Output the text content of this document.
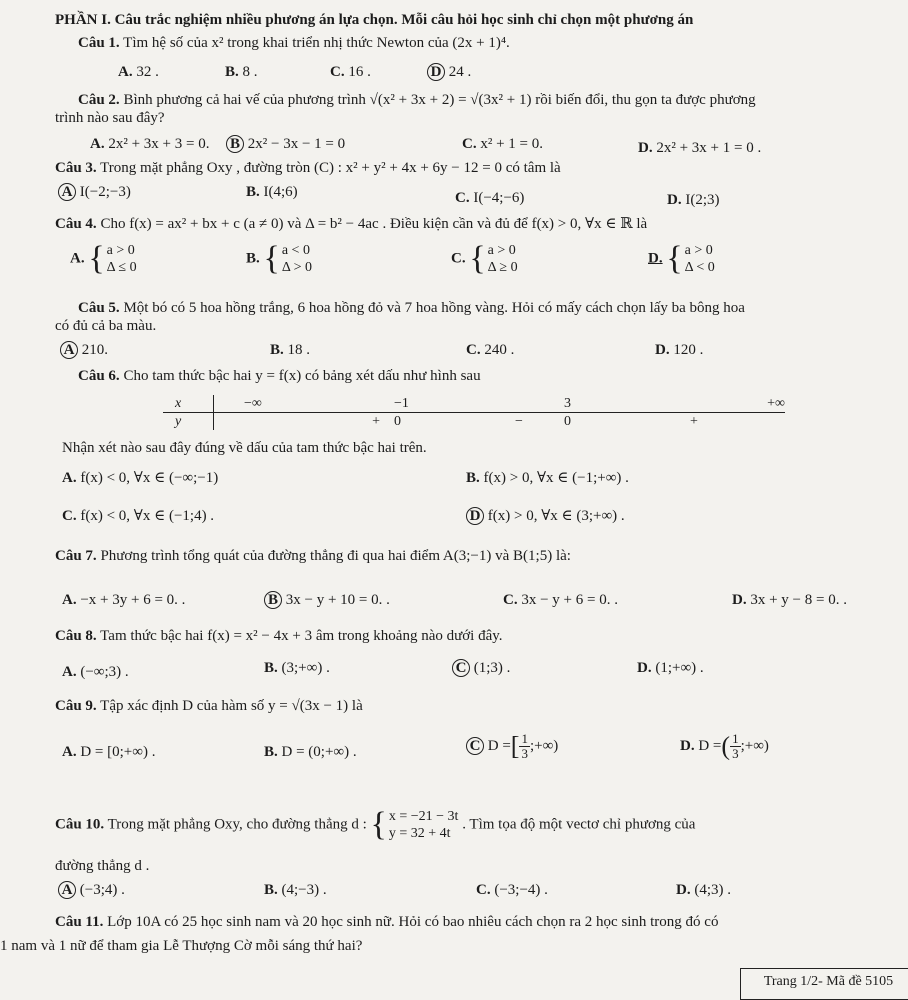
PHẦN I. Câu trắc nghiệm nhiều phương án lựa chọn. Mỗi câu hỏi học sinh chỉ chọn một phương án
Câu 1. Tìm hệ số của x² trong khai triển nhị thức Newton của (2x + 1)⁴.
A. 32 .	B. 8 .	C. 16 .	D 24 .
Câu 2. Bình phương cả hai vế của phương trình √(x² + 3x + 2) = √(3x² + 1) rồi biến đổi, thu gọn ta được phương
trình nào sau đây?
A. 2x² + 3x + 3 = 0. B 2x² − 3x − 1 = 0	C. x² + 1 = 0.	D. 2x² + 3x + 1 = 0 .
Câu 3. Trong mặt phẳng Oxy , đường tròn (C) : x² + y² + 4x + 6y − 12 = 0 có tâm là
A I(−2;−3)	B. I(4;6)	C. I(−4;−6)	D. I(2;3)
Câu 4. Cho f(x) = ax² + bx + c (a ≠ 0) và Δ = b² − 4ac . Điều kiện cần và đủ để f(x) > 0, ∀x ∈ ℝ là
A. { a > 0
Δ ≤ 0
B. { a < 0
Δ > 0
C. { a > 0
Δ ≥ 0
D. { a > 0
Δ < 0
Câu 5. Một bó có 5 hoa hồng trắng, 6 hoa hồng đỏ và 7 hoa hồng vàng. Hỏi có mấy cách chọn lấy ba bông hoa
có đủ cả ba màu.
A 210.	B. 18 .	C. 240 .	D. 120 .
Câu 6. Cho tam thức bậc hai y = f(x) có bảng xét dấu như hình sau
x	−∞		−1		3		+∞
y		+	0	−	0	+	
Nhận xét nào sau đây đúng về dấu của tam thức bậc hai trên.
A. f(x) < 0, ∀x ∈ (−∞;−1)	B. f(x) > 0, ∀x ∈ (−1;+∞) .
C. f(x) < 0, ∀x ∈ (−1;4) .	D f(x) > 0, ∀x ∈ (3;+∞) .
Câu 7. Phương trình tổng quát của đường thẳng đi qua hai điểm A(3;−1) và B(1;5) là:
A. −x + 3y + 6 = 0. .	B 3x − y + 10 = 0. .	C. 3x − y + 6 = 0. .	D. 3x + y − 8 = 0. .
Câu 8. Tam thức bậc hai f(x) = x² − 4x + 3 âm trong khoảng nào dưới đây.
A. (−∞;3) .	B. (3;+∞) .	C (1;3) .	D. (1;+∞) .
Câu 9. Tập xác định D của hàm số y = √(3x − 1) là
A. D = [0;+∞) .	B. D = (0;+∞) .	C D =[ $\frac{1}{3}$ ;+∞)	D. D =( $\frac{1}{3}$ ;+∞)
Câu 10. Trong mặt phẳng Oxy, cho đường thẳng d : { x = −21 − 3t
y = 32 + 4t
. Tìm tọa độ một vectơ chỉ phương của
đường thẳng d .
A (−3;4) .	B. (4;−3) .	C. (−3;−4) .	D. (4;3) .
Câu 11. Lớp 10A có 25 học sinh nam và 20 học sinh nữ. Hỏi có bao nhiêu cách chọn ra 2 học sinh trong đó có
1 nam và 1 nữ để tham gia Lễ Thượng Cờ mỗi sáng thứ hai?
Trang 1/2- Mã đề 5105
